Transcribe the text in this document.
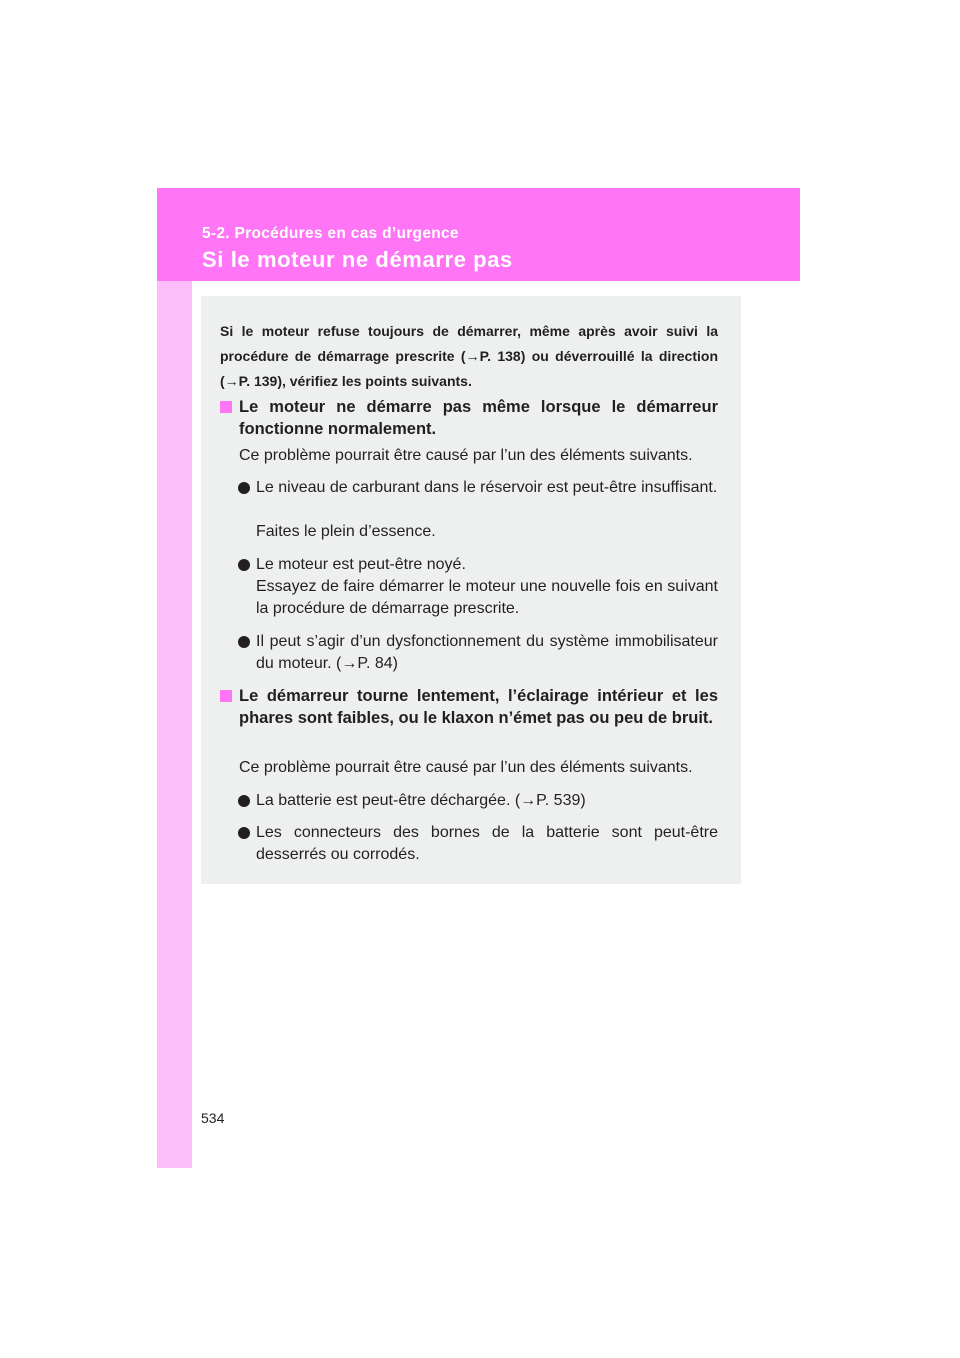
5-2. Procédures en cas d’urgence
Si le moteur ne démarre pas
Si le moteur refuse toujours de démarrer, même après avoir suivi la procédure de démarrage prescrite (→P. 138) ou déverrouillé la direction (→P. 139), vérifiez les points suivants.
Le moteur ne démarre pas même lorsque le démarreur fonctionne normalement.
Ce problème pourrait être causé par l’un des éléments suivants.
Le niveau de carburant dans le réservoir est peut-être insuffisant.
Faites le plein d’essence.
Le moteur est peut-être noyé.
Essayez de faire démarrer le moteur une nouvelle fois en suivant la procédure de démarrage prescrite.
Il peut s’agir d’un dysfonctionnement du système immobilisateur du moteur. (→P. 84)
Le démarreur tourne lentement, l’éclairage intérieur et les phares sont faibles, ou le klaxon n’émet pas ou peu de bruit.
Ce problème pourrait être causé par l’un des éléments suivants.
La batterie est peut-être déchargée. (→P. 539)
Les connecteurs des bornes de la batterie sont peut-être desserrés ou corrodés.
534
